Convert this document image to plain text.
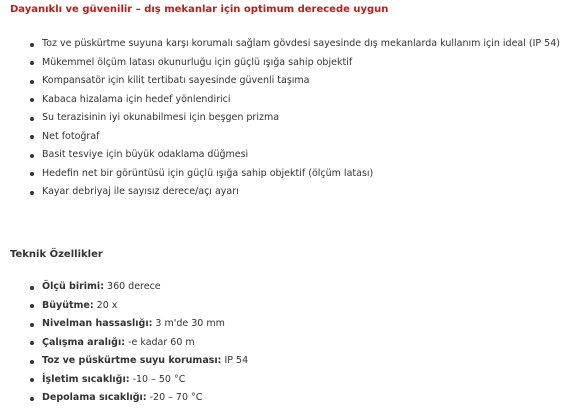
Dayanıklı ve güvenilir – dış mekanlar için optimum derecede uygun
Toz ve püskürtme suyuna karşı korumalı sağlam gövdesi sayesinde dış mekanlarda kullanım için ideal (IP 54)
Mükemmel ölçüm latası okunurluğu için güçlü ışığa sahip objektif
Kompansatör için kilit tertibatı sayesinde güvenli taşıma
Kabaca hizalama için hedef yönlendirici
Su terazisinin iyi okunabilmesi için beşgen prizma
Net fotoğraf
Basit tesviye için büyük odaklama düğmesi
Hedefin net bir görüntüsü için güçlü ışığa sahip objektif (ölçüm latası)
Kayar debriyaj ile sayısız derece/açı ayarı
Teknik Özellikler
Ölçü birimi: 360 derece
Büyütme: 20 x
Nivelman hassaslığı: 3 m'de 30 mm
Çalışma aralığı: -e kadar 60 m
Toz ve püskürtme suyu koruması: IP 54
İşletim sıcaklığı: -10 – 50 °C
Depolama sıcaklığı: -20 – 70 °C
